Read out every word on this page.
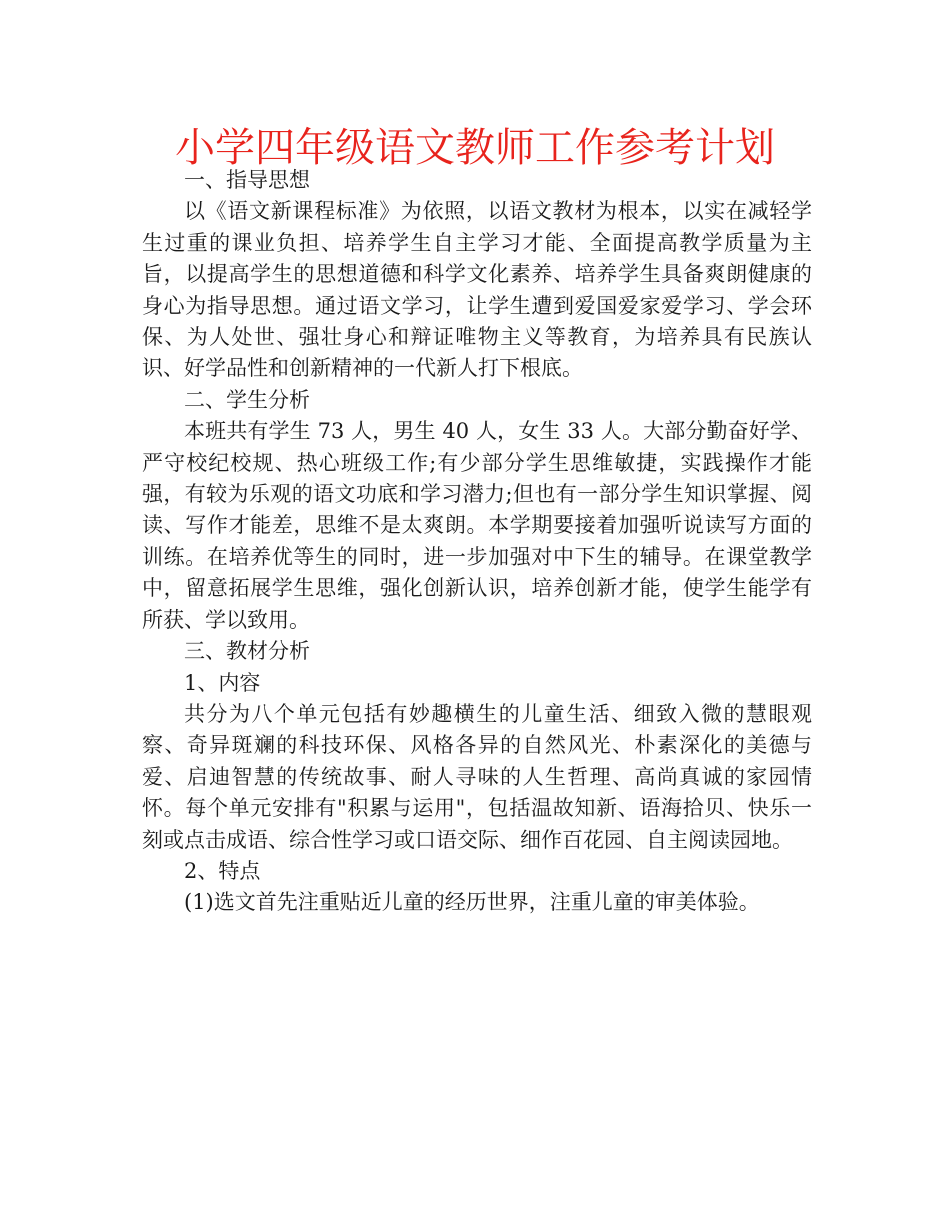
小学四年级语文教师工作参考计划

一、指导思想

以《语文新课程标准》为依照，以语文教材为根本，以实在减轻学生过重的课业负担、培养学生自主学习才能、全面提高教学质量为主旨，以提高学生的思想道德和科学文化素养、培养学生具备爽朗健康的身心为指导思想。通过语文学习，让学生遭到爱国爱家爱学习、学会环保、为人处世、强壮身心和辩证唯物主义等教育，为培养具有民族认识、好学品性和创新精神的一代新人打下根底。

二、学生分析

本班共有学生 73 人，男生 40 人，女生 33 人。大部分勤奋好学、严守校纪校规、热心班级工作;有少部分学生思维敏捷，实践操作才能强，有较为乐观的语文功底和学习潜力;但也有一部分学生知识掌握、阅读、写作才能差，思维不是太爽朗。本学期要接着加强听说读写方面的训练。在培养优等生的同时，进一步加强对中下生的辅导。在课堂教学中，留意拓展学生思维，强化创新认识，培养创新才能，使学生能学有所获、学以致用。

三、教材分析

1、内容

共分为八个单元包括有妙趣横生的儿童生活、细致入微的慧眼观察、奇异斑斓的科技环保、风格各异的自然风光、朴素深化的美德与爱、启迪智慧的传统故事、耐人寻味的人生哲理、高尚真诚的家园情怀。每个单元安排有"积累与运用"，包括温故知新、语海拾贝、快乐一刻或点击成语、综合性学习或口语交际、细作百花园、自主阅读园地。

2、特点

(1)选文首先注重贴近儿童的经历世界，注重儿童的审美体验。
